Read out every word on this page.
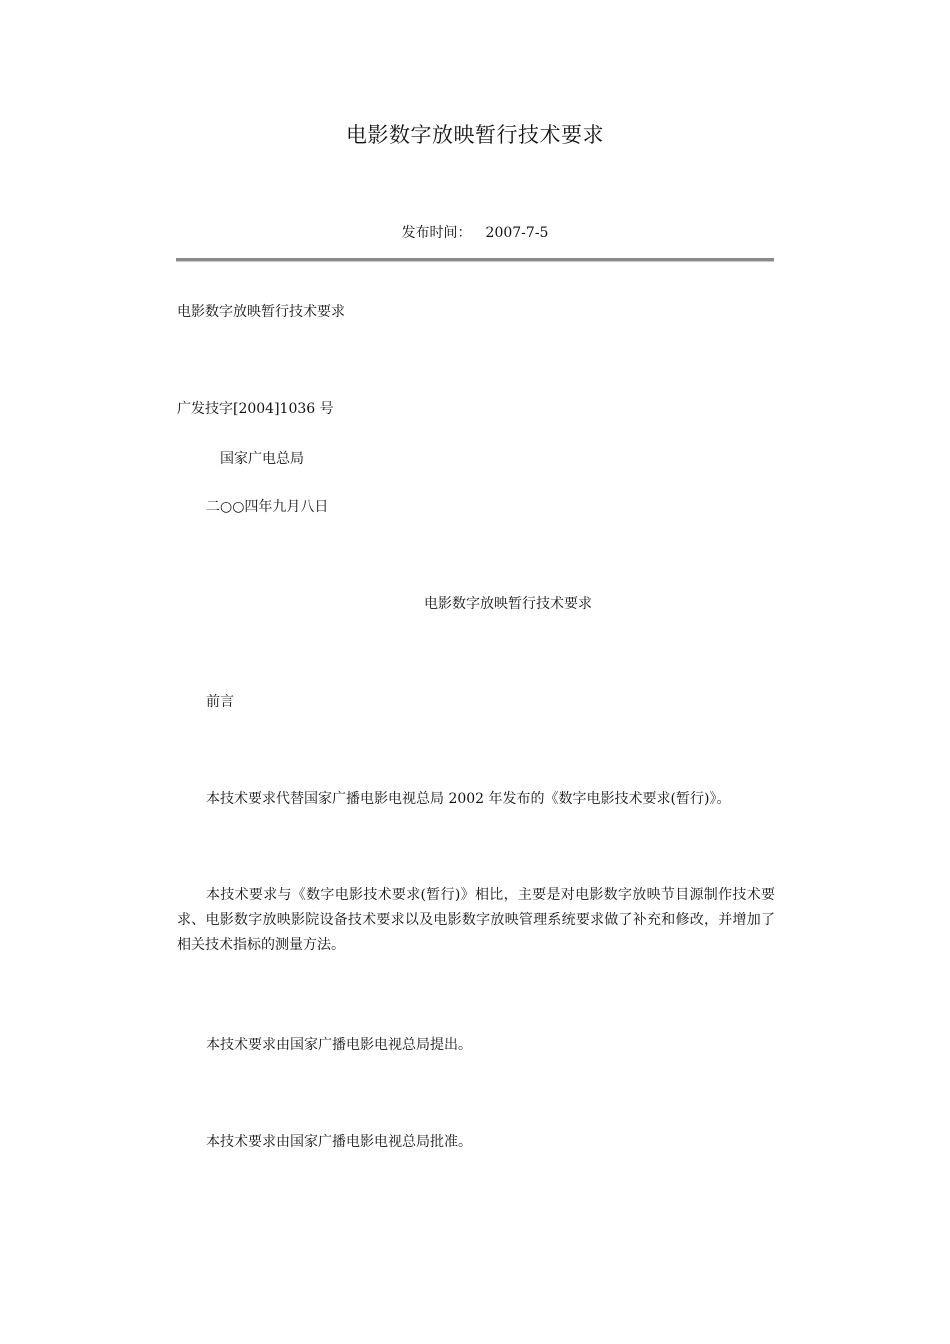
电影数字放映暂行技术要求
发布时间： 2007-7-5
电影数字放映暂行技术要求
广发技字[2004]1036 号
国家广电总局
二○○四年九月八日
电影数字放映暂行技术要求
前言
本技术要求代替国家广播电影电视总局 2002 年发布的《数字电影技术要求(暂行)》。
本技术要求与《数字电影技术要求(暂行)》相比，主要是对电影数字放映节目源制作技术要求、电影数字放映影院设备技术要求以及电影数字放映管理系统要求做了补充和修改，并增加了相关技术指标的测量方法。
本技术要求由国家广播电影电视总局提出。
本技术要求由国家广播电影电视总局批准。
